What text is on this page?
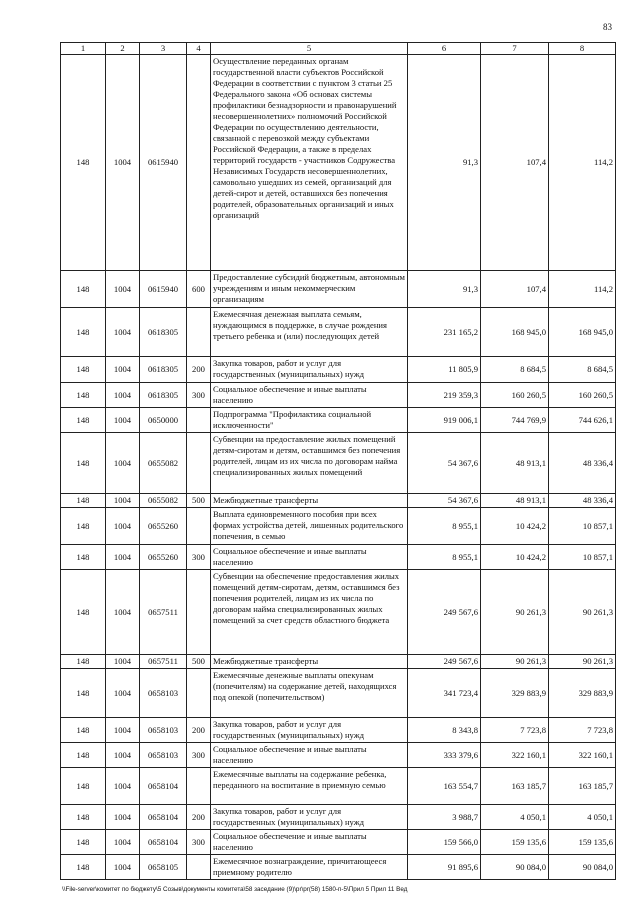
83
1	2	3	4	5	6	7	8
148	1004	0615940		Осуществление переданных органам государственной власти субъектов Российской Федерации в соответствии с пунктом 3 статьи 25 Федерального закона «Об основах системы профилактики безнадзорности и правонарушений несовершеннолетних» полномочий Российской Федерации по осуществлению деятельности, связанной с перевозкой между субъектами Российской Федерации, а также в пределах территорий государств - участников Содружества Независимых Государств несовершеннолетних, самовольно ушедших из семей, организаций для детей-сирот и детей, оставшихся без попечения родителей, образовательных организаций и иных организаций	91,3	107,4	114,2
148	1004	0615940	600	Предоставление субсидий бюджетным, автономным учреждениям и иным некоммерческим организациям	91,3	107,4	114,2
148	1004	0618305		Ежемесячная денежная выплата семьям, нуждающимся в поддержке, в случае рождения третьего ребенка и (или) последующих детей	231 165,2	168 945,0	168 945,0
148	1004	0618305	200	Закупка товаров, работ и услуг для государственных (муниципальных) нужд	11 805,9	8 684,5	8 684,5
148	1004	0618305	300	Социальное обеспечение и иные выплаты населению	219 359,3	160 260,5	160 260,5
148	1004	0650000		Подпрограмма "Профилактика социальной исключенности"	919 006,1	744 769,9	744 626,1
148	1004	0655082		Субвенции на предоставление жилых помещений детям-сиротам и детям, оставшимся без попечения родителей, лицам из их числа по договорам найма специализированных жилых помещений	54 367,6	48 913,1	48 336,4
148	1004	0655082	500	Межбюджетные трансферты	54 367,6	48 913,1	48 336,4
148	1004	0655260		Выплата единовременного пособия при всех формах устройства детей, лишенных родительского попечения, в семью	8 955,1	10 424,2	10 857,1
148	1004	0655260	300	Социальное обеспечение и иные выплаты населению	8 955,1	10 424,2	10 857,1
148	1004	0657511		Субвенции на обеспечение предоставления жилых помещений детям-сиротам, детям, оставшимся без попечения родителей, лицам из их числа по договорам найма специализированных жилых помещений за счет средств областного бюджета	249 567,6	90 261,3	90 261,3
148	1004	0657511	500	Межбюджетные трансферты	249 567,6	90 261,3	90 261,3
148	1004	0658103		Ежемесячные денежные выплаты опекунам (попечителям) на содержание детей, находящихся под опекой (попечительством)	341 723,4	329 883,9	329 883,9
148	1004	0658103	200	Закупка товаров, работ и услуг для государственных (муниципальных) нужд	8 343,8	7 723,8	7 723,8
148	1004	0658103	300	Социальное обеспечение и иные выплаты населению	333 379,6	322 160,1	322 160,1
148	1004	0658104		Ежемесячные выплаты на содержание ребенка, переданного на воспитание в приемную семью	163 554,7	163 185,7	163 185,7
148	1004	0658104	200	Закупка товаров, работ и услуг для государственных (муниципальных) нужд	3 988,7	4 050,1	4 050,1
148	1004	0658104	300	Социальное обеспечение и иные выплаты населению	159 566,0	159 135,6	159 135,6
148	1004	0658105		Ежемесячное вознаграждение, причитающееся приемному родителю	91 895,6	90 084,0	90 084,0
\\File-server\комитет по бюджету\5 Созыв\документы комитета\58 заседание (9)\pr\pr(58) 1580-п-5\Прил 5 Прил 11 Вед
